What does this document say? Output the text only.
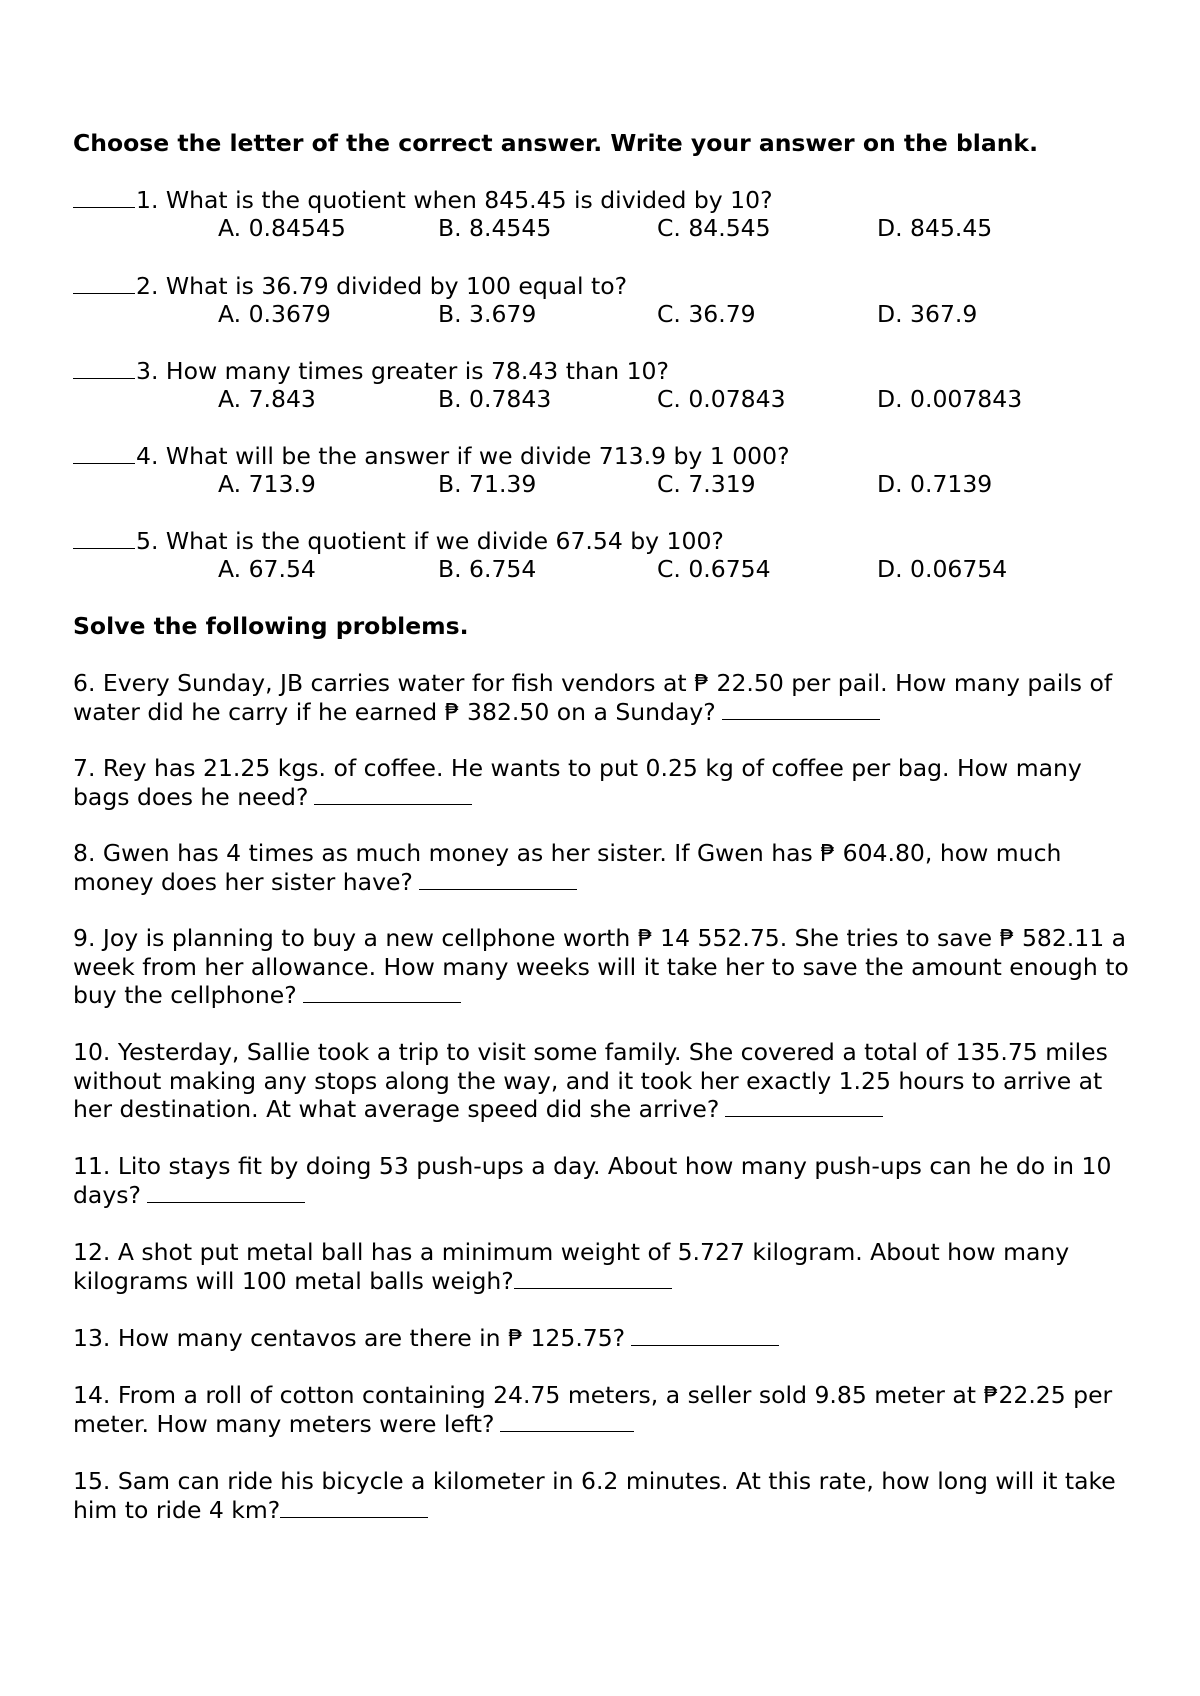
Choose the letter of the correct answer. Write your answer on the blank.
1. What is the quotient when 845.45 is divided by 10?
A. 0.84545	B. 8.4545	C. 84.545	D. 845.45
2. What is 36.79 divided by 100 equal to?
A. 0.3679	B. 3.679	C. 36.79	D. 367.9
3. How many times greater is 78.43 than 10?
A. 7.843	B. 0.7843	C. 0.07843	D. 0.007843
4. What will be the answer if we divide 713.9 by 1 000?
A. 713.9	B. 71.39	C. 7.319	D. 0.7139
5. What is the quotient if we divide 67.54 by 100?
A. 67.54	B. 6.754	C. 0.6754	D. 0.06754
Solve the following problems.
6. Every Sunday, JB carries water for fish vendors at ₱ 22.50 per pail. How many pails of water did he carry if he earned ₱ 382.50 on a Sunday?
7. Rey has 21.25 kgs. of coffee. He wants to put 0.25 kg of coffee per bag. How many bags does he need?
8. Gwen has 4 times as much money as her sister. If Gwen has ₱ 604.80, how much money does her sister have?
9. Joy is planning to buy a new cellphone worth ₱ 14 552.75. She tries to save ₱ 582.11 a week from her allowance. How many weeks will it take her to save the amount enough to buy the cellphone?
10. Yesterday, Sallie took a trip to visit some family. She covered a total of 135.75 miles without making any stops along the way, and it took her exactly 1.25 hours to arrive at her destination. At what average speed did she arrive?
11. Lito stays fit by doing 53 push-ups a day. About how many push-ups can he do in 10 days?
12. A shot put metal ball has a minimum weight of 5.727 kilogram. About how many kilograms will 100 metal balls weigh?
13. How many centavos are there in ₱ 125.75?
14. From a roll of cotton containing 24.75 meters, a seller sold 9.85 meter at ₱22.25 per meter. How many meters were left?
15. Sam can ride his bicycle a kilometer in 6.2 minutes. At this rate, how long will it take him to ride 4 km?
